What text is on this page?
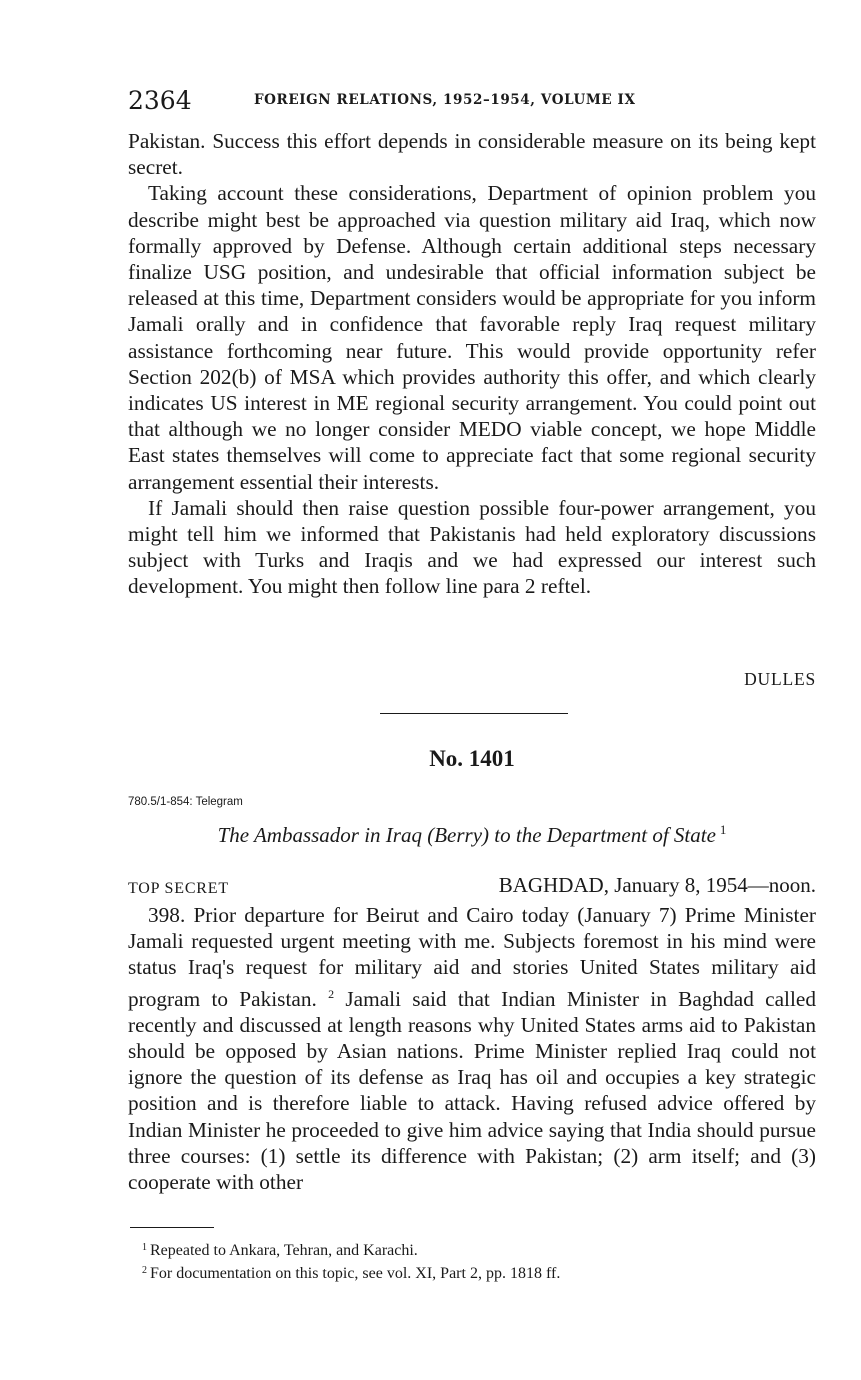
2364	FOREIGN RELATIONS, 1952–1954, VOLUME IX

Pakistan. Success this effort depends in considerable measure on its being kept secret.

Taking account these considerations, Department of opinion problem you describe might best be approached via question military aid Iraq, which now formally approved by Defense. Although certain additional steps necessary finalize USG position, and undesirable that official information subject be released at this time, Department considers would be appropriate for you inform Jamali orally and in confidence that favorable reply Iraq request military assistance forthcoming near future. This would provide opportunity refer Section 202(b) of MSA which provides authority this offer, and which clearly indicates US interest in ME regional security arrangement. You could point out that although we no longer consider MEDO viable concept, we hope Middle East states themselves will come to appreciate fact that some regional security arrangement essential their interests.

If Jamali should then raise question possible four-power arrangement, you might tell him we informed that Pakistanis had held exploratory discussions subject with Turks and Iraqis and we had expressed our interest such development. You might then follow line para 2 reftel.

DULLES
No. 1401
780.5/1-854: Telegram
The Ambassador in Iraq (Berry) to the Department of State $^1$
TOP SECRET	BAGHDAD, January 8, 1954—noon.

398. Prior departure for Beirut and Cairo today (January 7) Prime Minister Jamali requested urgent meeting with me. Subjects foremost in his mind were status Iraq's request for military aid and stories United States military aid program to Pakistan. $^2$ Jamali said that Indian Minister in Baghdad called recently and discussed at length reasons why United States arms aid to Pakistan should be opposed by Asian nations. Prime Minister replied Iraq could not ignore the question of its defense as Iraq has oil and occupies a key strategic position and is therefore liable to attack. Having refused advice offered by Indian Minister he proceeded to give him advice saying that India should pursue three courses: (1) settle its difference with Pakistan; (2) arm itself; and (3) cooperate with other

$^1$ Repeated to Ankara, Tehran, and Karachi.

$^2$ For documentation on this topic, see vol. XI, Part 2, pp. 1818 ff.
